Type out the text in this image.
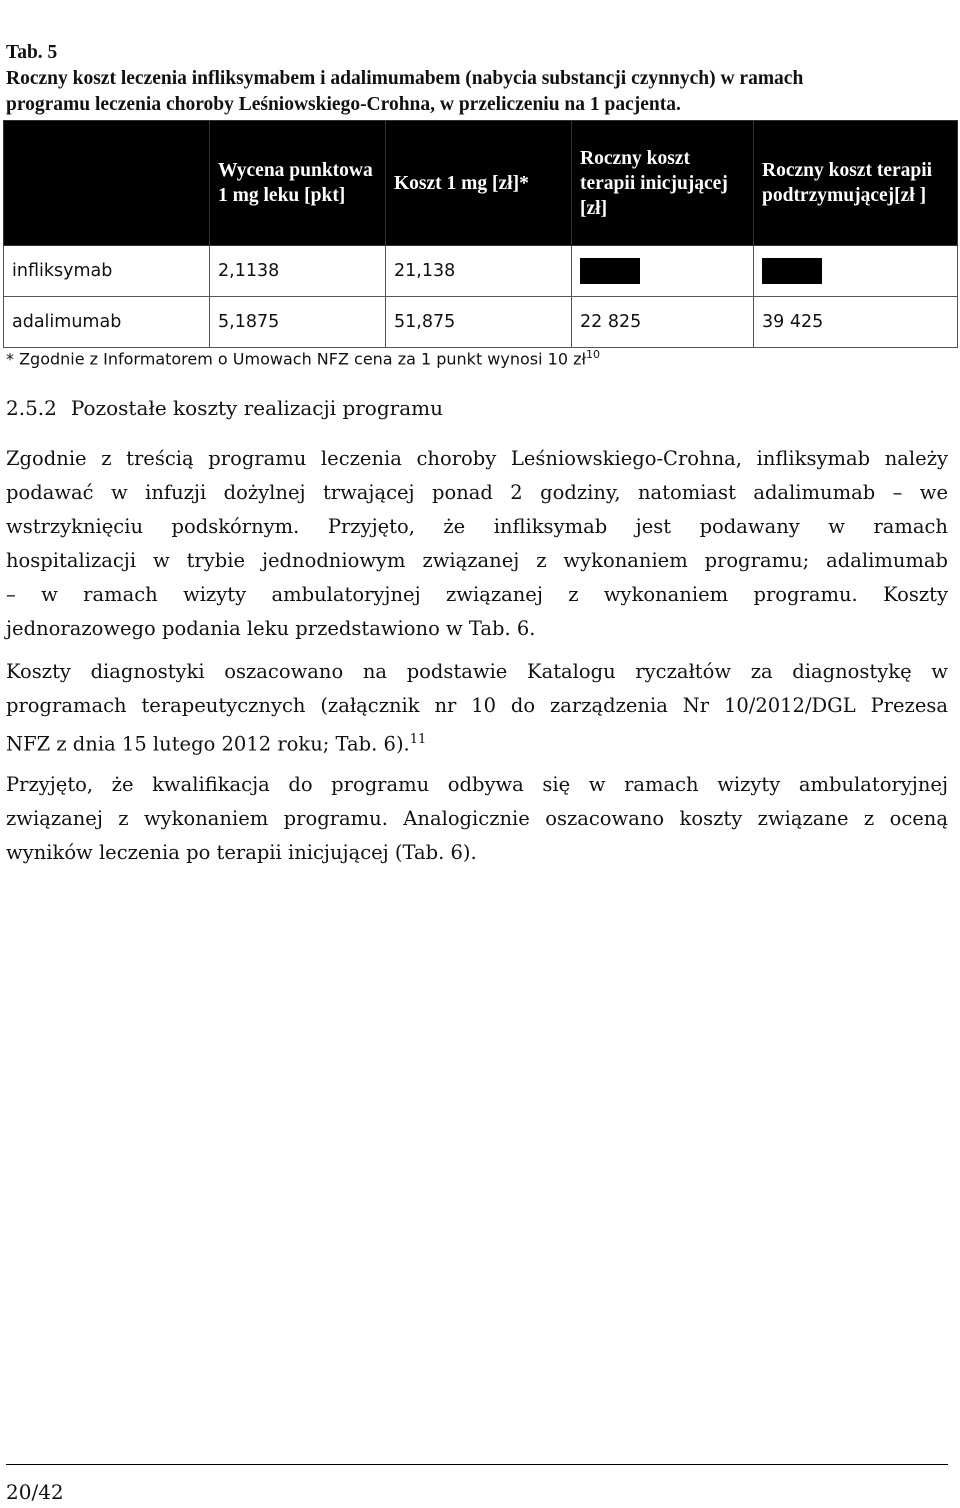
Tab. 5
Roczny koszt leczenia infliksymabem i adalimumabem (nabycia substancji czynnych) w ramach
programu leczenia choroby Leśniowskiego-Crohna, w przeliczeniu na 1 pacjenta.
	Wycena punktowa 1 mg leku [pkt]	Koszt 1 mg [zł]*	Roczny koszt terapii inicjującej [zł]	Roczny koszt terapii podtrzymującej[zł ]
infliksymab	2,1138	21,138		
adalimumab	5,1875	51,875	22 825	39 425
* Zgodnie z Informatorem o Umowach NFZ cena za 1 punkt wynosi 10 $zł^{10}$
2.5.2 Pozostałe koszty realizacji programu
Zgodnie z treścią programu leczenia choroby Leśniowskiego-Crohna, infliksymab należy
podawać w infuzji dożylnej trwającej ponad 2 godziny, natomiast adalimumab – we
wstrzyknięciu podskórnym. Przyjęto, że infliksymab jest podawany w ramach
hospitalizacji w trybie jednodniowym związanej z wykonaniem programu; adalimumab
– w ramach wizyty ambulatoryjnej związanej z wykonaniem programu. Koszty
jednorazowego podania leku przedstawiono w Tab. 6.
Koszty diagnostyki oszacowano na podstawie Katalogu ryczałtów za diagnostykę w
programach terapeutycznych (załącznik nr 10 do zarządzenia Nr 10/2012/DGL Prezesa
NFZ z dnia 15 lutego 2012 roku; Tab. 6).$^{11}$
Przyjęto, że kwalifikacja do programu odbywa się w ramach wizyty ambulatoryjnej
związanej z wykonaniem programu. Analogicznie oszacowano koszty związane z oceną
wyników leczenia po terapii inicjującej (Tab. 6).
20/42
